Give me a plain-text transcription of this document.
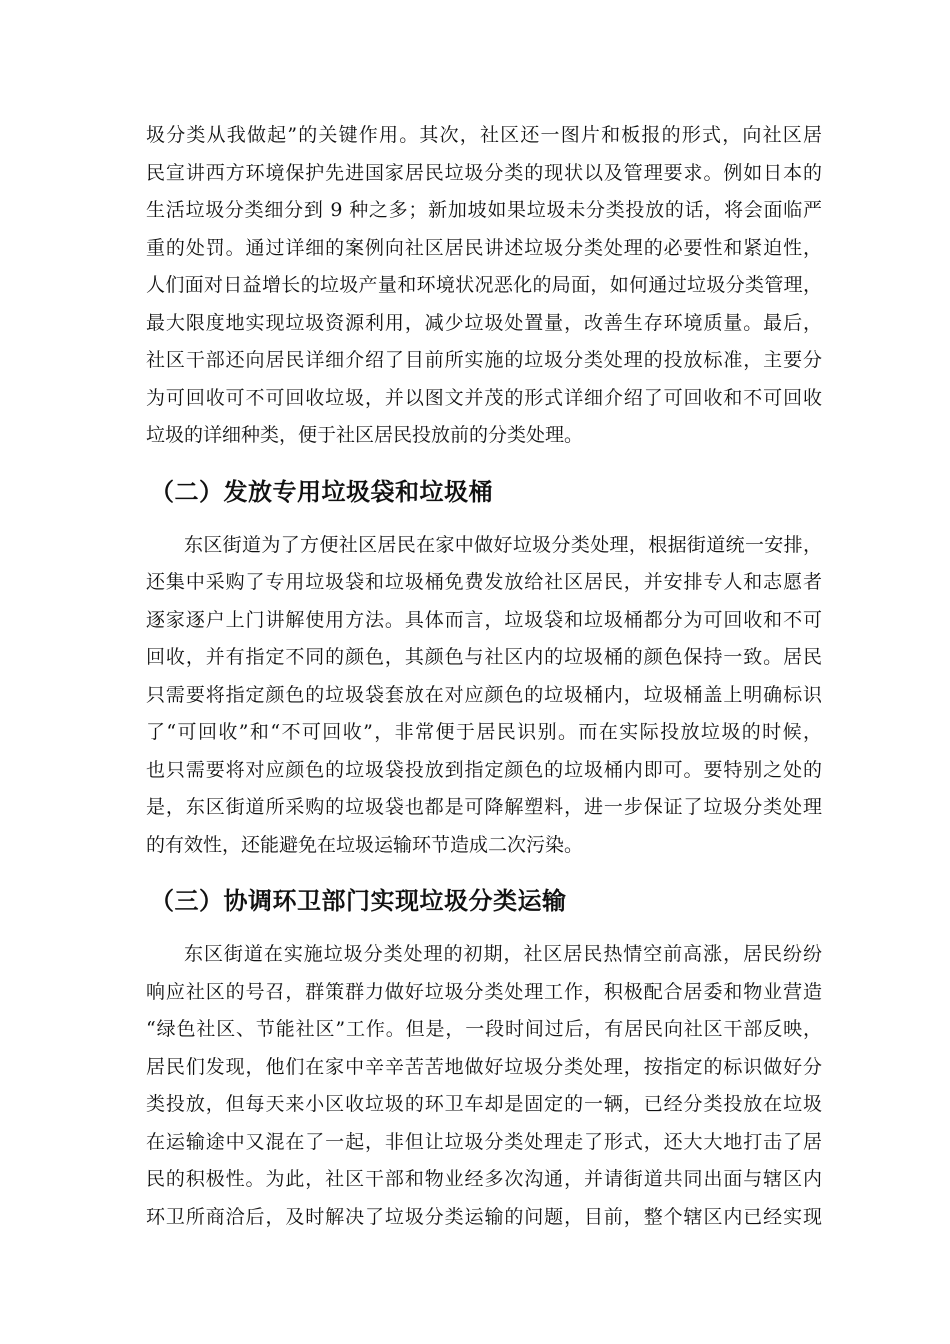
圾分类从我做起”的关键作用。其次，社区还一图片和板报的形式，向社区居
民宣讲西方环境保护先进国家居民垃圾分类的现状以及管理要求。例如日本的
生活垃圾分类细分到 9 种之多；新加坡如果垃圾未分类投放的话，将会面临严
重的处罚。通过详细的案例向社区居民讲述垃圾分类处理的必要性和紧迫性，
人们面对日益增长的垃圾产量和环境状况恶化的局面，如何通过垃圾分类管理，
最大限度地实现垃圾资源利用，减少垃圾处置量，改善生存环境质量。最后，
社区干部还向居民详细介绍了目前所实施的垃圾分类处理的投放标准，主要分
为可回收可不可回收垃圾，并以图文并茂的形式详细介绍了可回收和不可回收
垃圾的详细种类，便于社区居民投放前的分类处理。
（二）发放专用垃圾袋和垃圾桶
东区街道为了方便社区居民在家中做好垃圾分类处理，根据街道统一安排，
还集中采购了专用垃圾袋和垃圾桶免费发放给社区居民，并安排专人和志愿者
逐家逐户上门讲解使用方法。具体而言，垃圾袋和垃圾桶都分为可回收和不可
回收，并有指定不同的颜色，其颜色与社区内的垃圾桶的颜色保持一致。居民
只需要将指定颜色的垃圾袋套放在对应颜色的垃圾桶内，垃圾桶盖上明确标识
了“可回收”和“不可回收”，非常便于居民识别。而在实际投放垃圾的时候，
也只需要将对应颜色的垃圾袋投放到指定颜色的垃圾桶内即可。要特别之处的
是，东区街道所采购的垃圾袋也都是可降解塑料，进一步保证了垃圾分类处理
的有效性，还能避免在垃圾运输环节造成二次污染。
（三）协调环卫部门实现垃圾分类运输
东区街道在实施垃圾分类处理的初期，社区居民热情空前高涨，居民纷纷
响应社区的号召，群策群力做好垃圾分类处理工作，积极配合居委和物业营造
“绿色社区、节能社区”工作。但是，一段时间过后，有居民向社区干部反映，
居民们发现，他们在家中辛辛苦苦地做好垃圾分类处理，按指定的标识做好分
类投放，但每天来小区收垃圾的环卫车却是固定的一辆，已经分类投放在垃圾
在运输途中又混在了一起，非但让垃圾分类处理走了形式，还大大地打击了居
民的积极性。为此，社区干部和物业经多次沟通，并请街道共同出面与辖区内
环卫所商洽后，及时解决了垃圾分类运输的问题，目前，整个辖区内已经实现
